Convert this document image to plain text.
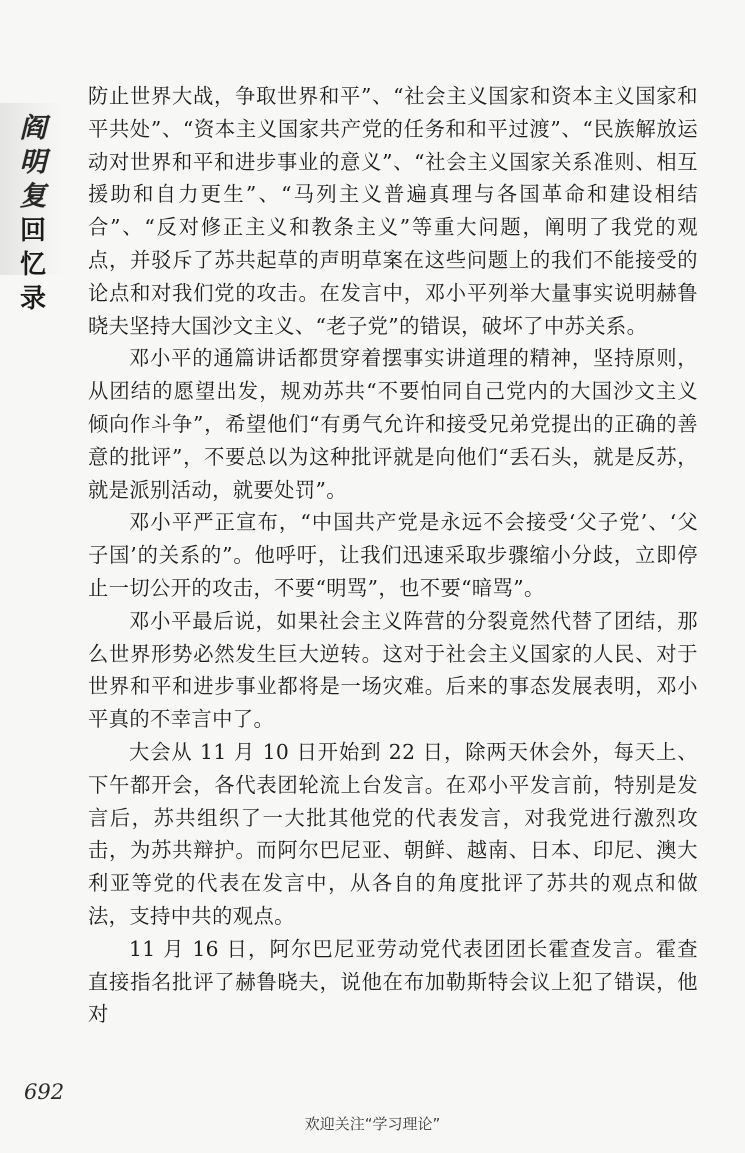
阎
明
复
回
忆
录

防止世界大战，争取世界和平”、“社会主义国家和资本主义国家和平共处”、“资本主义国家共产党的任务和和平过渡”、“民族解放运动对世界和平和进步事业的意义”、“社会主义国家关系准则、相互援助和自力更生”、“马列主义普遍真理与各国革命和建设相结合”、“反对修正主义和教条主义”等重大问题，阐明了我党的观点，并驳斥了苏共起草的声明草案在这些问题上的我们不能接受的论点和对我们党的攻击。在发言中，邓小平列举大量事实说明赫鲁晓夫坚持大国沙文主义、“老子党”的错误，破坏了中苏关系。

邓小平的通篇讲话都贯穿着摆事实讲道理的精神，坚持原则，从团结的愿望出发，规劝苏共“不要怕同自己党内的大国沙文主义倾向作斗争”，希望他们“有勇气允许和接受兄弟党提出的正确的善意的批评”，不要总以为这种批评就是向他们“丢石头，就是反苏，就是派别活动，就要处罚”。

邓小平严正宣布，“中国共产党是永远不会接受‘父子党’、‘父子国’的关系的”。他呼吁，让我们迅速采取步骤缩小分歧，立即停止一切公开的攻击，不要“明骂”，也不要“暗骂”。

邓小平最后说，如果社会主义阵营的分裂竟然代替了团结，那么世界形势必然发生巨大逆转。这对于社会主义国家的人民、对于世界和平和进步事业都将是一场灾难。后来的事态发展表明，邓小平真的不幸言中了。

大会从 11 月 10 日开始到 22 日，除两天休会外，每天上、下午都开会，各代表团轮流上台发言。在邓小平发言前，特别是发言后，苏共组织了一大批其他党的代表发言，对我党进行激烈攻击，为苏共辩护。而阿尔巴尼亚、朝鲜、越南、日本、印尼、澳大利亚等党的代表在发言中，从各自的角度批评了苏共的观点和做法，支持中共的观点。

11 月 16 日，阿尔巴尼亚劳动党代表团团长霍查发言。霍查直接指名批评了赫鲁晓夫，说他在布加勒斯特会议上犯了错误，他对

692
欢迎关注“学习理论”
